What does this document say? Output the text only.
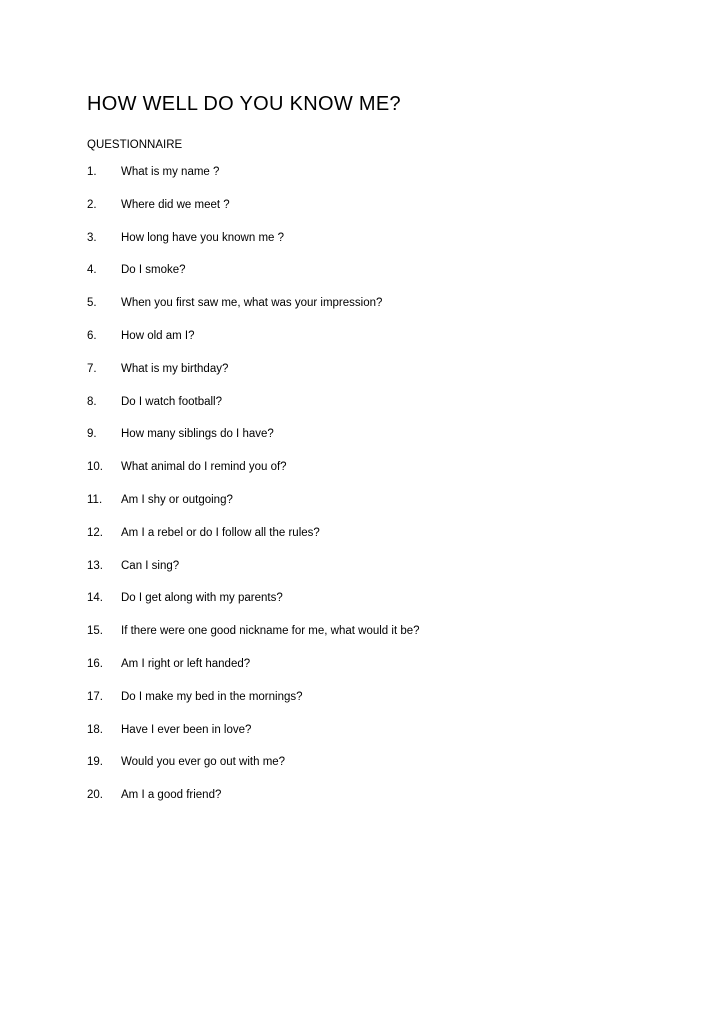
HOW WELL DO YOU KNOW ME?

QUESTIONNAIRE

1. What is my name ?
2. Where did we meet ?
3. How long have you known me ?
4. Do I smoke?
5. When you first saw me, what was your impression?
6. How old am I?
7. What is my birthday?
8. Do I watch football?
9. How many siblings do I have?
10. What animal do I remind you of?
11. Am I shy or outgoing?
12. Am I a rebel or do I follow all the rules?
13. Can I sing?
14. Do I get along with my parents?
15. If there were one good nickname for me, what would it be?
16. Am I right or left handed?
17. Do I make my bed in the mornings?
18. Have I ever been in love?
19. Would you ever go out with me?
20. Am I a good friend?
